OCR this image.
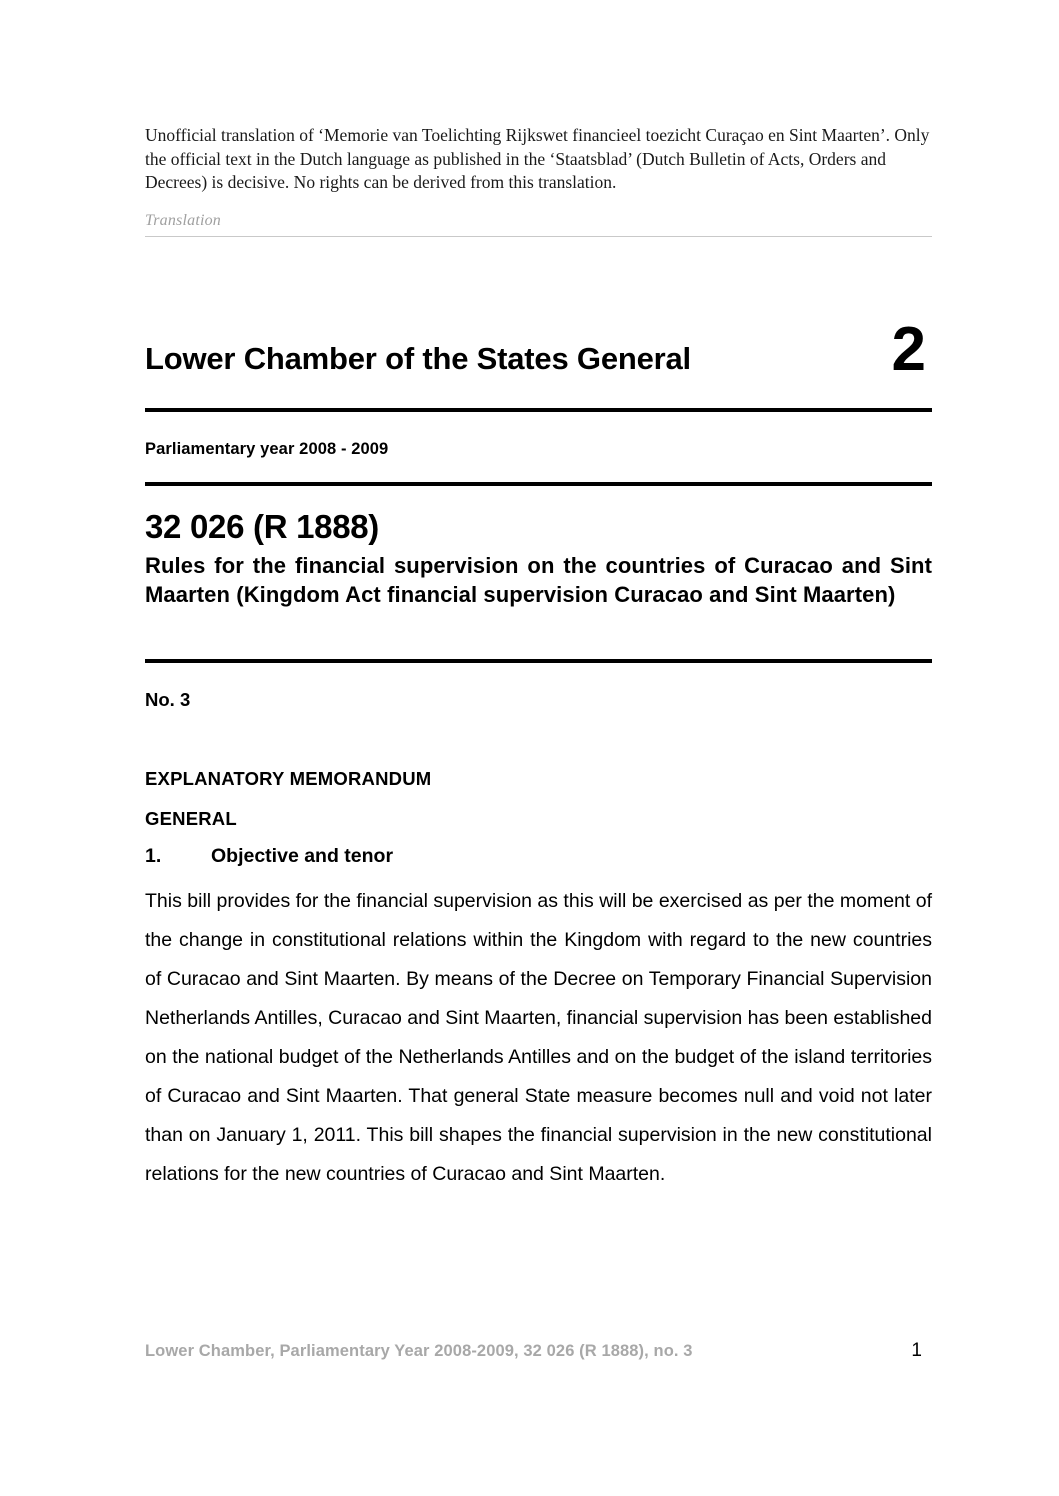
Unofficial translation of ‘Memorie van Toelichting Rijkswet financieel toezicht Curaçao en Sint Maarten’. Only the official text in the Dutch language as published in the ‘Staatsblad’ (Dutch Bulletin of Acts, Orders and Decrees) is decisive. No rights can be derived from this translation.
Translation
Lower Chamber of the States General	2
Parliamentary year 2008 - 2009
32 026 (R 1888)
Rules for the financial supervision on the countries of Curacao and Sint Maarten (Kingdom Act financial supervision Curacao and Sint Maarten)
No. 3
EXPLANATORY MEMORANDUM
GENERAL
1.	Objective and tenor
This bill provides for the financial supervision as this will be exercised as per the moment of the change in constitutional relations within the Kingdom with regard to the new countries of Curacao and Sint Maarten. By means of the Decree on Temporary Financial Supervision Netherlands Antilles, Curacao and Sint Maarten, financial supervision has been established on the national budget of the Netherlands Antilles and on the budget of the island territories of Curacao and Sint Maarten. That general State measure becomes null and void not later than on January 1, 2011. This bill shapes the financial supervision in the new constitutional relations for the new countries of Curacao and Sint Maarten.
Lower Chamber, Parliamentary Year 2008-2009, 32 026 (R 1888), no. 3	1
